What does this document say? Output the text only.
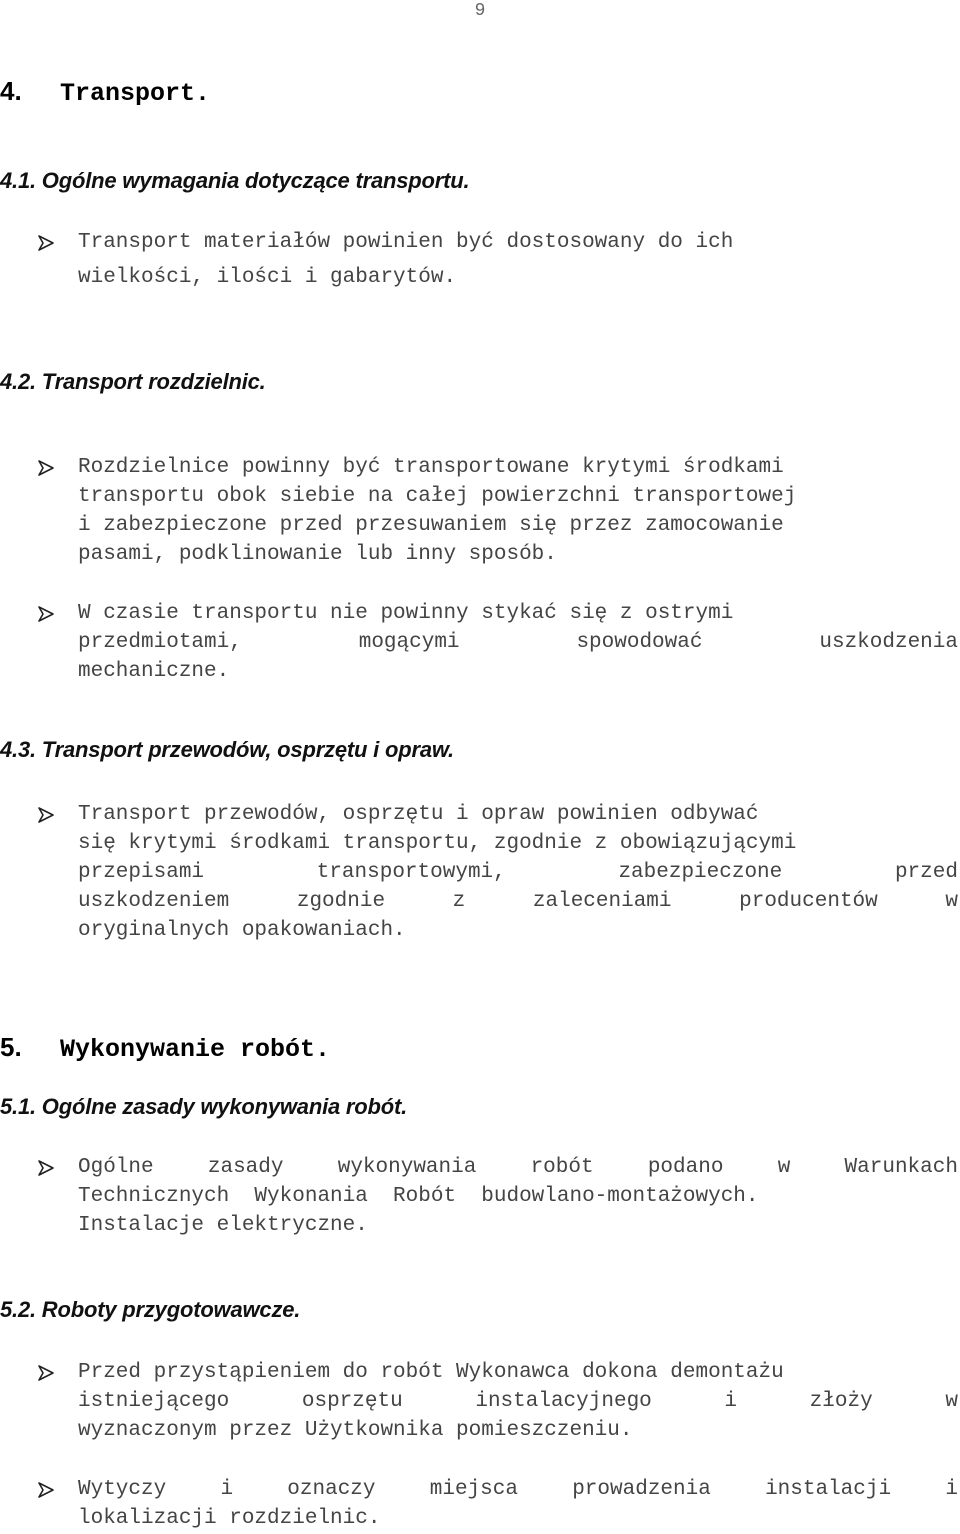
9
4. Transport.
4.1. Ogólne wymagania dotyczące transportu.
Transport materiałów powinien być dostosowany do ich
wielkości, ilości i gabarytów.
4.2. Transport rozdzielnic.
Rozdzielnice powinny być transportowane krytymi środkami
transportu obok siebie na całej powierzchni transportowej
i zabezpieczone przed przesuwaniem się przez zamocowanie
pasami, podklinowanie lub inny sposób.
W czasie transportu nie powinny stykać się z ostrymi
przedmiotami,	mogącymi	spowodować	uszkodzenia
mechaniczne.
4.3. Transport przewodów, osprzętu i opraw.
Transport przewodów, osprzętu i opraw powinien odbywać
się krytymi środkami transportu, zgodnie z obowiązującymi
przepisami	transportowymi,	zabezpieczone	przed
uszkodzeniem	zgodnie	z	zaleceniami	producentów	w
oryginalnych opakowaniach.
5. Wykonywanie robót.
5.1. Ogólne zasady wykonywania robót.
Ogólne	zasady	wykonywania	robót	podano	w	Warunkach
Technicznych  Wykonania  Robót  budowlano-montażowych.
Instalacje elektryczne.
5.2. Roboty przygotowawcze.
Przed przystąpieniem do robót Wykonawca dokona demontażu
istniejącego	osprzętu	instalacyjnego	i	złoży	w
wyznaczonym przez Użytkownika pomieszczeniu.
Wytyczy	i	oznaczy	miejsca	prowadzenia	instalacji	i
lokalizacji rozdzielnic.
